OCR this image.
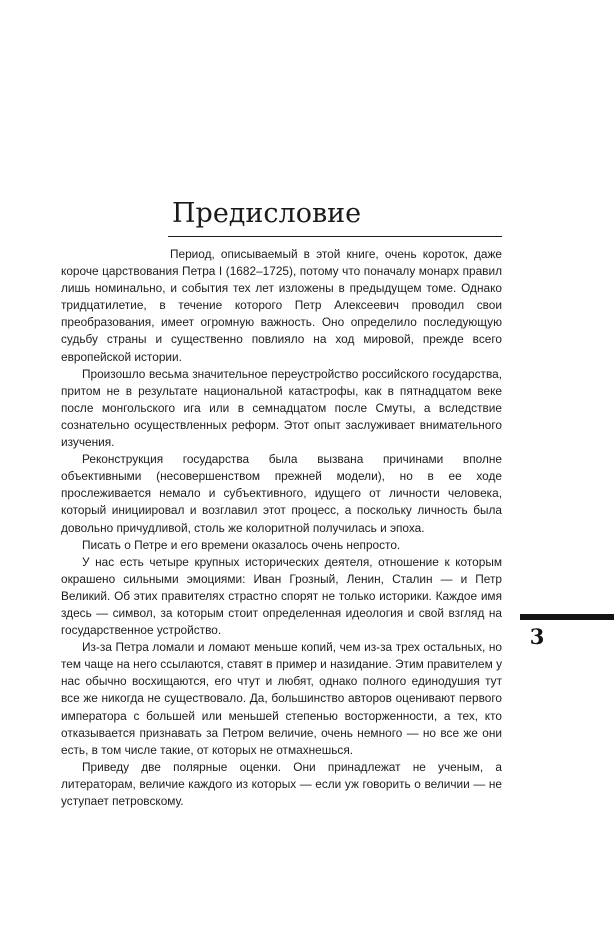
Предисловие

Период, описываемый в этой книге, очень короток, даже короче царствования Петра I (1682–1725), потому что поначалу монарх правил лишь номинально, и события тех лет изложены в предыдущем томе. Однако тридцатилетие, в течение которого Петр Алексеевич проводил свои преобразования, имеет огромную важность. Оно определило последующую судьбу страны и существенно повлияло на ход мировой, прежде всего европейской истории.

Произошло весьма значительное переустройство российского государства, притом не в результате национальной катастрофы, как в пятнадцатом веке после монгольского ига или в семнадцатом после Смуты, а вследствие сознательно осуществленных реформ. Этот опыт заслуживает внимательного изучения.

Реконструкция государства была вызвана причинами вполне объективными (несовершенством прежней модели), но в ее ходе прослеживается немало и субъективного, идущего от личности человека, который инициировал и возглавил этот процесс, а поскольку личность была довольно причудливой, столь же колоритной получилась и эпоха.

Писать о Петре и его времени оказалось очень непросто.

У нас есть четыре крупных исторических деятеля, отношение к которым окрашено сильными эмоциями: Иван Грозный, Ленин, Сталин — и Петр Великий. Об этих правителях страстно спорят не только историки. Каждое имя здесь — символ, за которым стоит определенная идеология и свой взгляд на государственное устройство.

Из-за Петра ломали и ломают меньше копий, чем из-за трех остальных, но тем чаще на него ссылаются, ставят в пример и назидание. Этим правителем у нас обычно восхищаются, его чтут и любят, однако полного единодушия тут все же никогда не существовало. Да, большинство авторов оценивают первого императора с большей или меньшей степенью восторженности, а тех, кто отказывается признавать за Петром величие, очень немного — но все же они есть, в том числе такие, от которых не отмахнешься.

Приведу две полярные оценки. Они принадлежат не ученым, а литераторам, величие каждого из которых — если уж говорить о величии — не уступает петровскому.

3
